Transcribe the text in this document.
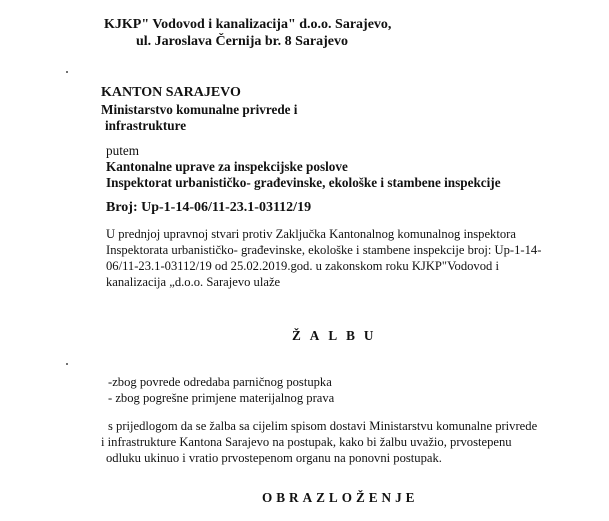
KJKP" Vodovod i kanalizacija" d.o.o. Sarajevo,
ul. Jaroslava Černija br. 8 Sarajevo
KANTON SARAJEVO
Ministarstvo komunalne privrede i
infrastrukture
putem
Kantonalne uprave za inspekcijske poslove
Inspektorat urbanističko- građevinske, ekološke i stambene inspekcije
Broj: Up-1-14-06/11-23.1-03112/19
U prednjoj upravnoj stvari protiv Zaključka Kantonalnog komunalnog inspektora
Inspektorata urbanističko- građevinske, ekološke i stambene inspekcije broj: Up-1-14-
06/11-23.1-03112/19 od 25.02.2019.god. u zakonskom roku KJKP"Vodovod i
kanalizacija „d.o.o. Sarajevo ulaže
ŽALBU
-zbog povrede odredaba parničnog postupka
- zbog pogrešne primjene materijalnog prava
s prijedlogom da se žalba sa cijelim spisom dostavi Ministarstvu komunalne privrede
i infrastrukture Kantona Sarajevo na postupak, kako bi žalbu uvažio, prvostepenu
odluku ukinuo i vratio prvostepenom organu na ponovni postupak.
OBRAZLOŽENJE
